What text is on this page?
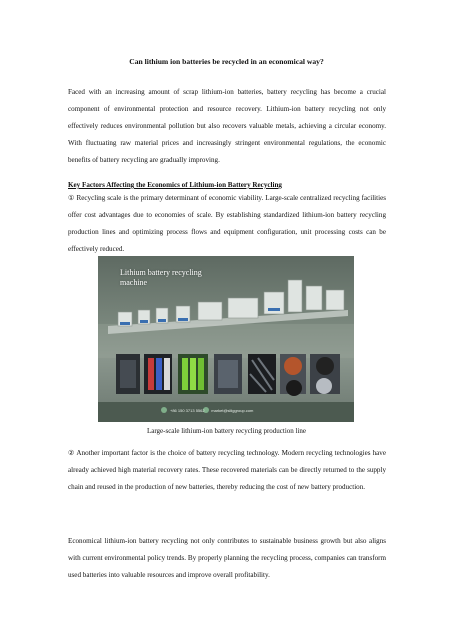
Can lithium ion batteries be recycled in an economical way?

Faced with an increasing amount of scrap lithium-ion batteries, battery recycling has become a crucial component of environmental protection and resource recovery. Lithium-ion battery recycling not only effectively reduces environmental pollution but also recovers valuable metals, achieving a circular economy. With fluctuating raw material prices and increasingly stringent environmental regulations, the economic benefits of battery recycling are gradually improving.

Key Factors Affecting the Economics of Lithium-ion Battery Recycling

① Recycling scale is the primary determinant of economic viability. Large-scale centralized recycling facilities offer cost advantages due to economies of scale. By establishing standardized lithium-ion battery recycling production lines and optimizing process flows and equipment configuration, unit processing costs can be effectively reduced.

Lithium battery recycling machine
+86 150 3713 5562 market@sliiggroup.com
Large-scale lithium-ion battery recycling production line

② Another important factor is the choice of battery recycling technology. Modern recycling technologies have already achieved high material recovery rates. These recovered materials can be directly returned to the supply chain and reused in the production of new batteries, thereby reducing the cost of new battery production.

Economical lithium-ion battery recycling not only contributes to sustainable business growth but also aligns with current environmental policy trends. By properly planning the recycling process, companies can transform used batteries into valuable resources and improve overall profitability.
